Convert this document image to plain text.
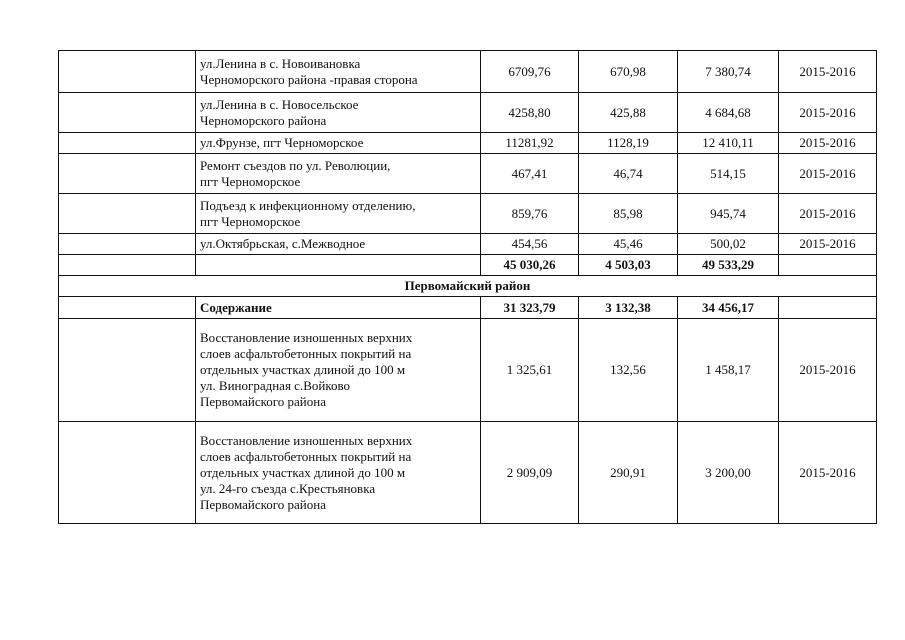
	ул.Ленина в с. Новоивановка
Черноморского района -правая сторона	6709,76	670,98	7 380,74	2015-2016
	ул.Ленина в с. Новосельское
Черноморского района	4258,80	425,88	4 684,68	2015-2016
	ул.Фрунзе, пгт Черноморское	11281,92	1128,19	12 410,11	2015-2016
	Ремонт съездов по ул. Революции,
пгт Черноморское	467,41	46,74	514,15	2015-2016
	Подъезд к инфекционному отделению,
пгт Черноморское	859,76	85,98	945,74	2015-2016
	ул.Октябрьская, с.Межводное	454,56	45,46	500,02	2015-2016
		45 030,26	4 503,03	49 533,29	
Первомайский район					
	Содержание	31 323,79	3 132,38	34 456,17	
	Восстановление изношенных верхних
слоев асфальтобетонных покрытий на
отдельных участках длиной до 100 м
ул. Виноградная с.Войково
Первомайского района	1 325,61	132,56	1 458,17	2015-2016
	Восстановление изношенных верхних
слоев асфальтобетонных покрытий на
отдельных участках длиной до 100 м
ул. 24-го съезда с.Крестьяновка
Первомайского района	2 909,09	290,91	3 200,00	2015-2016
